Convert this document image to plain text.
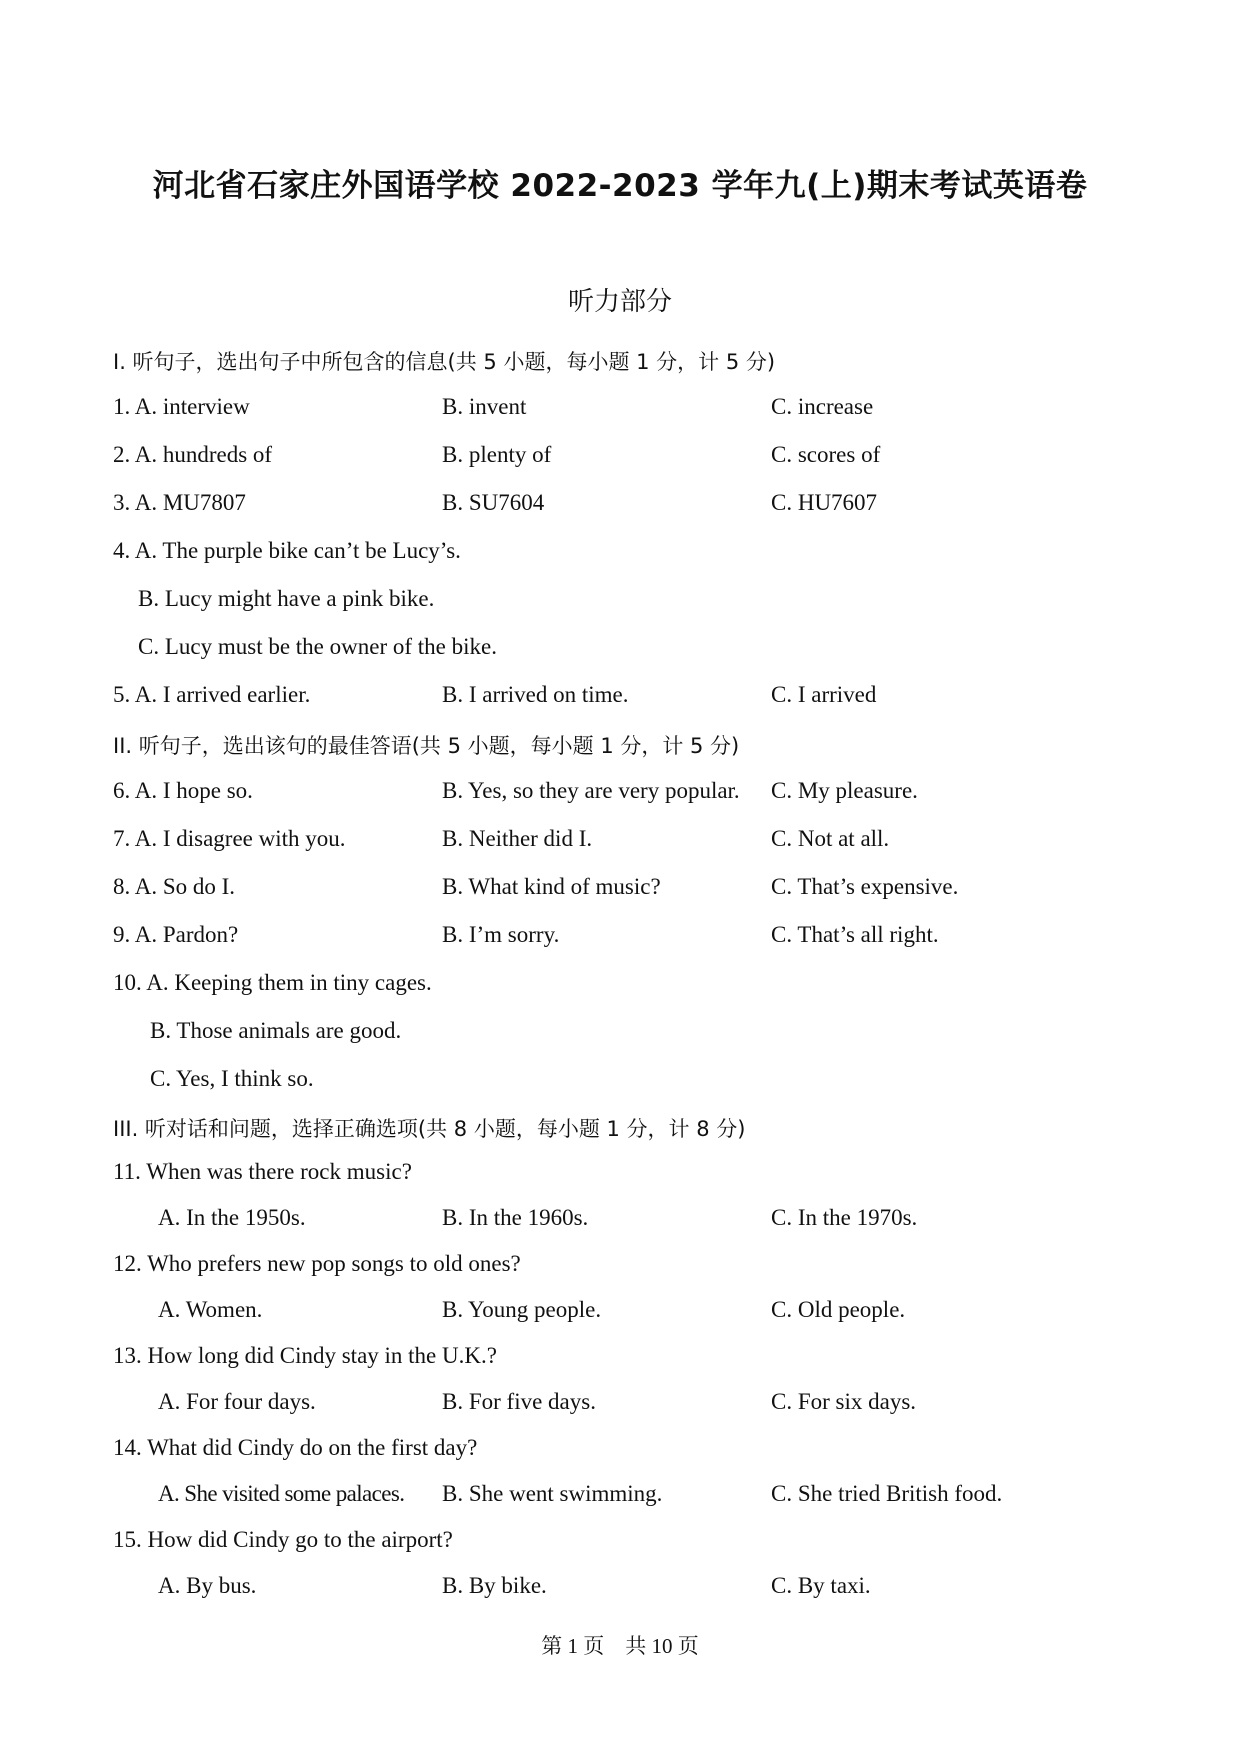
河北省石家庄外国语学校 2022-2023 学年九(上)期末考试英语卷
听力部分
I. 听句子，选出句子中所包含的信息(共 5 小题，每小题 1 分，计 5 分)
1. A. interview	B. invent	C. increase
2. A. hundreds of	B. plenty of	C. scores of
3. A. MU7807	B. SU7604	C. HU7607
4. A. The purple bike can’t be Lucy’s.
B. Lucy might have a pink bike.
C. Lucy must be the owner of the bike.
5. A. I arrived earlier.	B. I arrived on time.	C. I arrived
II. 听句子，选出该句的最佳答语(共 5 小题，每小题 1 分，计 5 分)
6. A. I hope so.	B. Yes, so they are very popular. C. My pleasure.
7. A. I disagree with you.	B. Neither did I.	C. Not at all.
8. A. So do I.	B. What kind of music?	C. That’s expensive.
9. A. Pardon?	B. I’m sorry.	C. That’s all right.
10. A. Keeping them in tiny cages.
B. Those animals are good.
C. Yes, I think so.
III. 听对话和问题，选择正确选项(共 8 小题，每小题 1 分，计 8 分)
11. When was there rock music?
A. In the 1950s.	B. In the 1960s.	C. In the 1970s.
12. Who prefers new pop songs to old ones?
A. Women.	B. Young people.	C. Old people.
13. How long did Cindy stay in the U.K.?
A. For four days.	B. For five days.	C. For six days.
14. What did Cindy do on the first day?
A. She visited some palaces. B. She went swimming.	C. She tried British food.
15. How did Cindy go to the airport?
A. By bus.	B. By bike.	C. By taxi.
第 1 页　共 10 页
